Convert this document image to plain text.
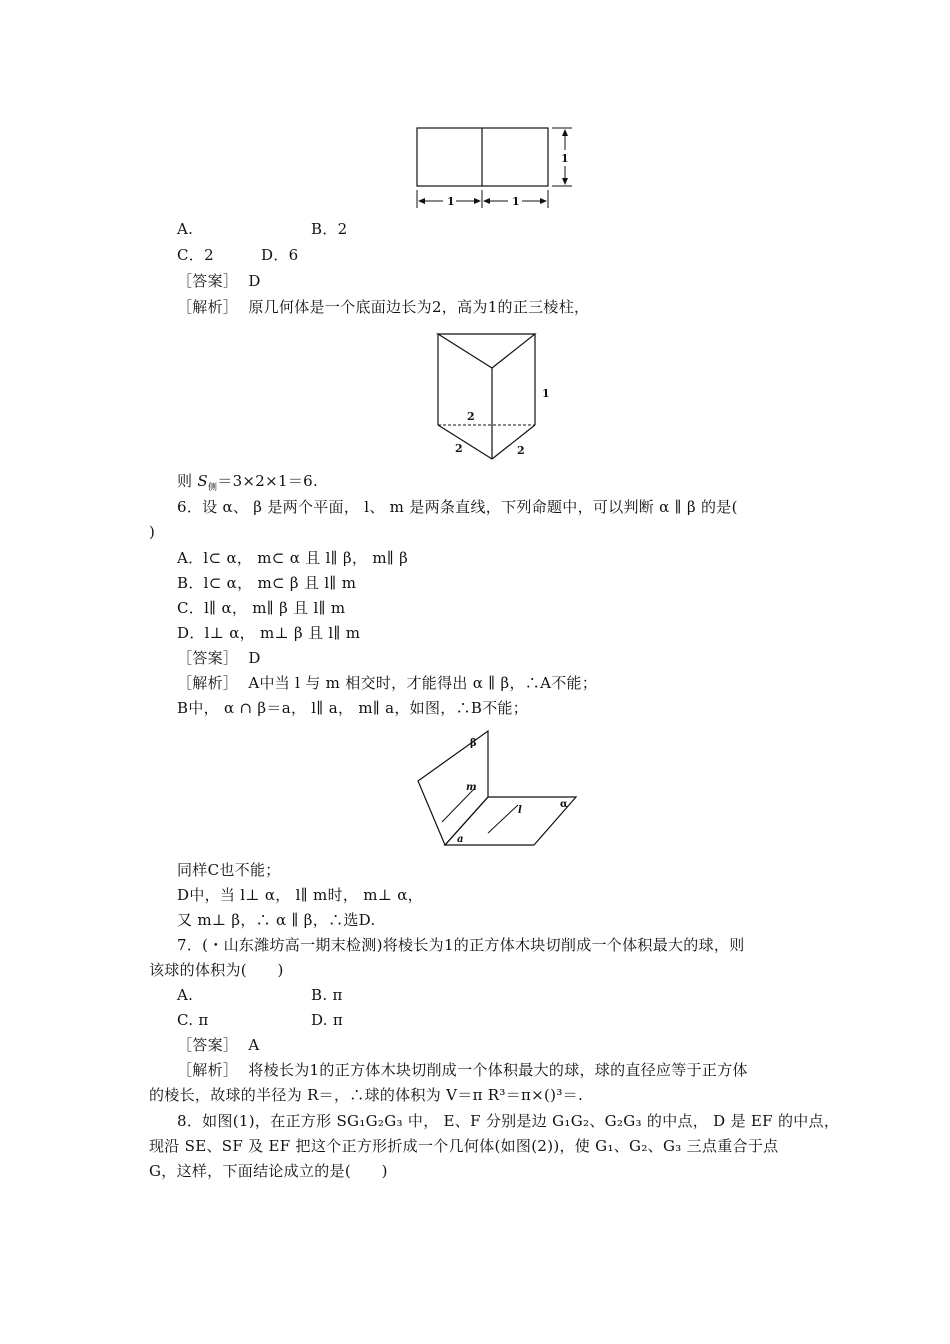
1
1	1
A.	B．2
C．2	D．6
［答案］ D
［解析］ 原几何体是一个底面边长为2，高为1的正三棱柱，
1
2
2	2
则 $S_侧=3\times 2\times 1=6$.
6．设 α、 β 是两个平面， l、 m 是两条直线，下列命题中，可以判断 α ∥ β 的是(
)
A．l⊂ α， m⊂ α 且 l∥ β， m∥ β
B．l⊂ α， m⊂ β 且 l∥ m
C．l∥ α， m∥ β 且 l∥ m
D．l⊥ α， m⊥ β 且 l∥ m
［答案］ D
［解析］ A中当 l 与 m 相交时，才能得出 α ∥ β，∴A不能；
B中， α ∩ β＝a， l∥ a， m∥ a，如图，∴B不能；
β
m
α
l
a
同样C也不能；
D中，当 l⊥ α， l∥ m时， m⊥ α，
又 m⊥ β，∴ α ∥ β，∴选D.
7．(・山东潍坊高一期末检测)将棱长为1的正方体木块切削成一个体积最大的球，则
该球的体积为(　　)
A.	B. π
C. π	D. π
［答案］ A
［解析］ 将棱长为1的正方体木块切削成一个体积最大的球，球的直径应等于正方体
的棱长，故球的半径为 R＝，∴球的体积为 V＝π R³＝π×()³＝.
8．如图(1)，在正方形 SG₁G₂G₃ 中， E、F 分别是边 G₁G₂、G₂G₃ 的中点， D 是 EF 的中点，
现沿 SE、SF 及 EF 把这个正方形折成一个几何体(如图(2))，使 G₁、G₂、G₃ 三点重合于点
G，这样，下面结论成立的是(　　)
